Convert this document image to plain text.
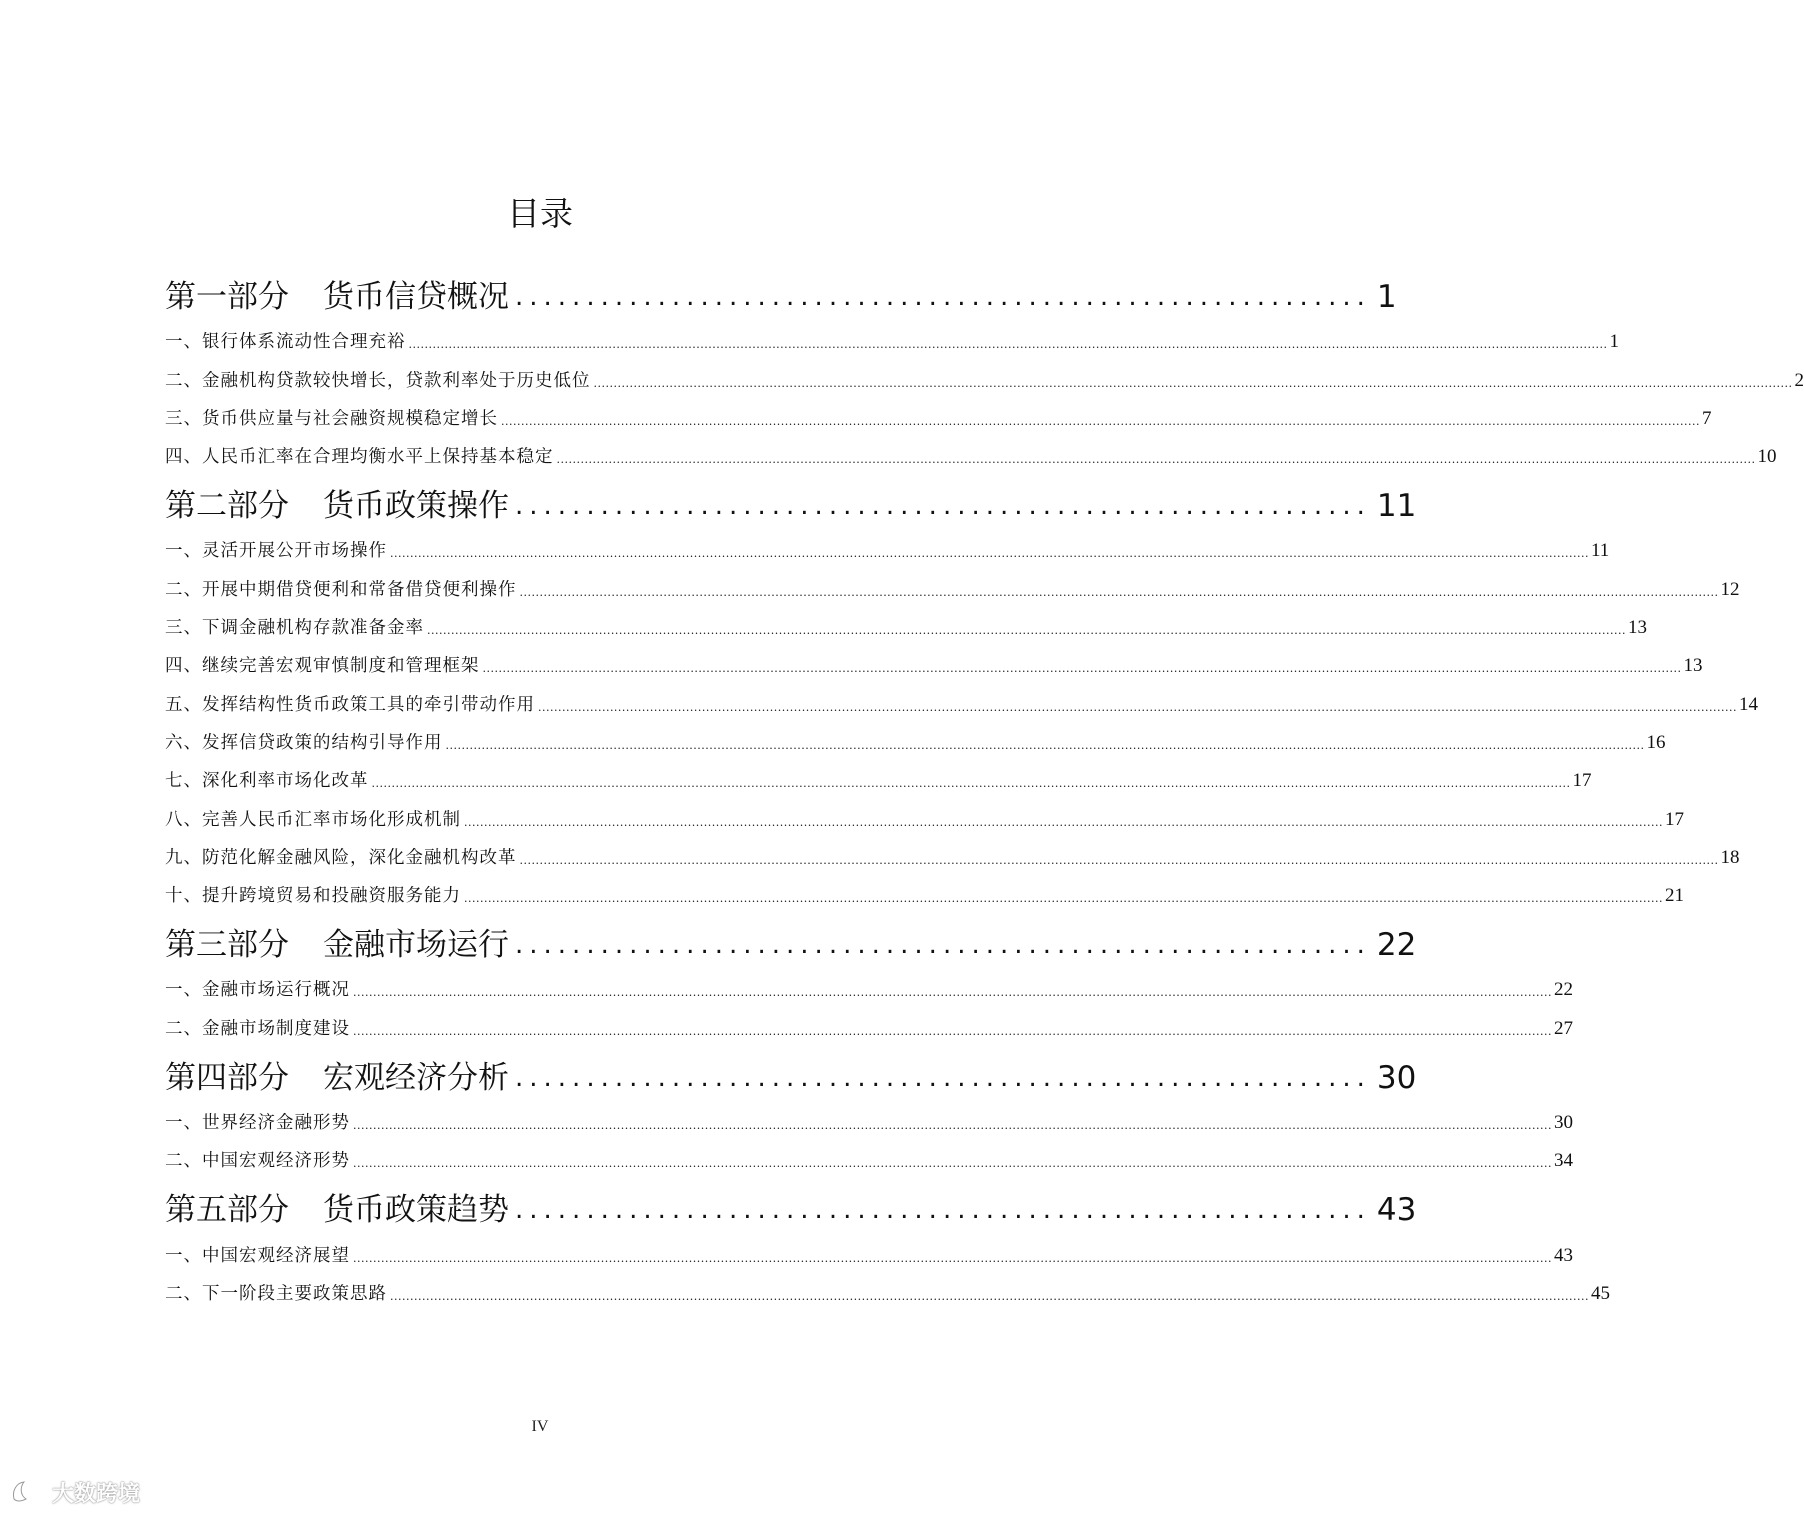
目录
第一部分 货币信贷概况 ............................................................ 1
一、银行体系流动性合理充裕 ............................................................................................................................................................................................................................................................................................................ 1
二、金融机构贷款较快增长，贷款利率处于历史低位 ............................................................................................................................................................................................................................................................................................................ 2
三、货币供应量与社会融资规模稳定增长 ............................................................................................................................................................................................................................................................................................................ 7
四、人民币汇率在合理均衡水平上保持基本稳定 ............................................................................................................................................................................................................................................................................................................ 10
第二部分 货币政策操作 ............................................................ 11
一、灵活开展公开市场操作 ............................................................................................................................................................................................................................................................................................................ 11
二、开展中期借贷便利和常备借贷便利操作 ............................................................................................................................................................................................................................................................................................................ 12
三、下调金融机构存款准备金率 ............................................................................................................................................................................................................................................................................................................ 13
四、继续完善宏观审慎制度和管理框架 ............................................................................................................................................................................................................................................................................................................ 13
五、发挥结构性货币政策工具的牵引带动作用 ............................................................................................................................................................................................................................................................................................................ 14
六、发挥信贷政策的结构引导作用 ............................................................................................................................................................................................................................................................................................................ 16
七、深化利率市场化改革 ............................................................................................................................................................................................................................................................................................................ 17
八、完善人民币汇率市场化形成机制 ............................................................................................................................................................................................................................................................................................................ 17
九、防范化解金融风险，深化金融机构改革 ............................................................................................................................................................................................................................................................................................................ 18
十、提升跨境贸易和投融资服务能力 ............................................................................................................................................................................................................................................................................................................ 21
第三部分 金融市场运行 ............................................................ 22
一、金融市场运行概况 ............................................................................................................................................................................................................................................................................................................ 22
二、金融市场制度建设 ............................................................................................................................................................................................................................................................................................................ 27
第四部分 宏观经济分析 ............................................................ 30
一、世界经济金融形势 ............................................................................................................................................................................................................................................................................................................ 30
二、中国宏观经济形势 ............................................................................................................................................................................................................................................................................................................ 34
第五部分 货币政策趋势 ............................................................ 43
一、中国宏观经济展望 ............................................................................................................................................................................................................................................................................................................ 43
二、下一阶段主要政策思路 ............................................................................................................................................................................................................................................................................................................ 45
IV
大数跨境
